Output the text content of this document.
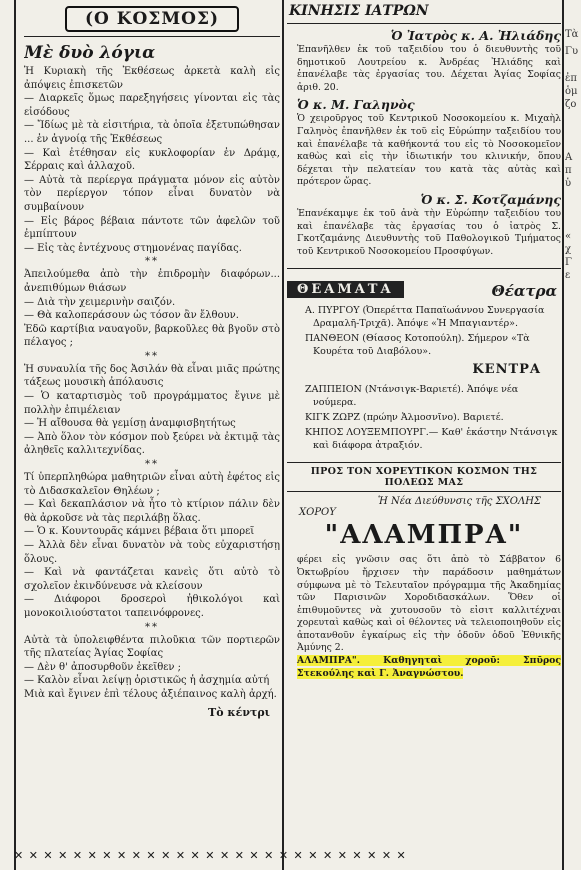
(Ο ΚΟΣΜΟΣ)
Μὲ δυὸ λόγια

Ἡ Κυριακὴ τῆς Ἐκθέσεως ἀρκετὰ καλὴ εἰς ἀπόψεις ἐπισκετῶν

— Διαρκεῖς ὅμως παρεξηγήσεις γίνονται εἰς τὰς εἰσόδους

— Ἴδίως μὲ τὰ εἰσιτήρια, τὰ ὁποῖα ἐξετυπώθησαν ... ἐν ἀγνοίᾳ τῆς Ἐκθέσεως

— Καὶ ἐτέθησαν εἰς κυκλοφορίαν ἐν Δράμᾳ, Σέρραις καὶ ἀλλαχοῦ.

— Αὐτὰ τὰ περίεργα πράγματα μόνον εἰς αὐτὸν τὸν περίεργον τόπον εἶναι δυνατὸν νὰ συμβαίνουν

— Εἰς βάρος βέβαια πάντοτε τῶν ἀφελῶν τοῦ ἐμπίπτουν

— Εἰς τὰς ἐντέχνους στημονένας παγίδας.

**

Ἀπειλούμεθα ἀπὸ τὴν ἐπιδρομὴν διαφόρων... ἀνεπιθύμων θιάσων

— Διὰ τὴν χειμερινὴν σαιζόν.

— Θὰ καλοπεράσουν ὡς τόσον ἂν ἔλθουν.

Ἐδῶ καρτίβια ναυαγοῦν, βαρκοῦλες θὰ βγοῦν στὸ πέλαγος ;

**

Ἡ συναυλία τῆς δος Ἀσιλάν θὰ εἶναι μιᾶς πρώτης τάξεως μουσικὴ ἀπόλαυσις

— Ὁ καταρτισμὸς τοῦ προγράμματος ἔγινε μὲ πολλὴν ἐπιμέλειαν

— Ἡ αἴθουσα θὰ γεμίσῃ ἀναμφισβητήτως

— Ἀπὸ ὅλον τὸν κόσμον ποὺ ξεύρει νὰ ἐκτιμᾷ τὰς ἀληθεῖς καλλιτεχνίδας.

**

Τί ὑπερπληθώρα μαθητριῶν εἶναι αὐτὴ ἐφέτος εἰς τὸ Διδασκαλεῖον Θηλέων ;

— Καὶ δεκαπλάσιον νὰ ἦτο τὸ κτίριον πάλιν δὲν θὰ ἀρκοῦσε νὰ τὰς περιλάβῃ ὅλας.

— Ὁ κ. Κουντουρᾶς κάμνει βέβαια ὅτι μπορεῖ

— Ἀλλὰ δὲν εἶναι δυνατὸν νὰ τοὺς εὐχαριστήσῃ ὅλους.

— Καὶ νὰ φαντάζεται κανεὶς ὅτι αὐτὸ τὸ σχολεῖον ἐκινδύνευσε νὰ κλείσουν

— Διάφοροι δροσεροὶ ἠθικολόγοι καὶ μονοκοιλιούστατοι ταπεινόφρονες.

**

Αὐτὰ τὰ ὑπολειφθέντα πιλοῦκια τῶν πορτιερῶν τῆς πλατείας Ἁγίας Σοφίας

— Δὲν θ' ἀποσυρθοῦν ἐκεῖθεν ;

— Καλὸν εἶναι λείψῃ ὁριστικῶς ἡ ἀσχημία αὐτή

Μιὰ καὶ ἔγινεν ἐπὶ τέλους ἀξιέπαινος καλὴ ἀρχή.

Τὸ κέντρι
ΚΙΝΗΣΙΣ ΙΑΤΡΩΝ
Ὁ Ἰατρὸς κ. Α. Ἠλιάδης

Ἐπανῆλθεν ἐκ τοῦ ταξειδίου του ὁ διευθυντὴς τοῦ δημοτικοῦ Λουτρείου κ. Ἀνδρέας Ἠλιάδης καὶ ἐπανέλαβε τὰς ἐργασίας του. Δέχεται Ἁγίας Σοφίας ἀριθ. 20.

Ὁ κ. Μ. Γαληνὸς

Ὁ χειροῦργος τοῦ Κεντρικοῦ Νοσοκομείου κ. Μιχαὴλ Γαληνὸς ἐπανῆλθεν ἐκ τοῦ εἰς Εὐρώπην ταξειδίου του καὶ ἐπανέλαβε τὰ καθήκοντά του εἰς τὸ Νοσοκομεῖον καθὼς καὶ εἰς τὴν ἰδιωτικήν του κλινικήν, ὅπου δέχεται τὴν πελατείαν του κατὰ τὰς αὐτὰς καὶ πρότερον ὥρας.

Ὁ κ. Σ. Κοτζαμάνης

Ἐπανέκαμψε ἐκ τοῦ ἀνὰ τὴν Εὐρώπην ταξειδίου του καὶ ἐπανέλαβε τὰς ἐργασίας του ὁ ἰατρὸς Σ. Γκοτζαμάνης Διευθυντὴς τοῦ Παθολογικοῦ Τμήματος τοῦ Κεντρικοῦ Νοσοκομείου Προσφύγων.

ΘΕΑΜΑΤΑ	Θέατρα

Α. ΠΥΡΓΟΥ (Ὀπερέττα Παπαϊωάννου Συνεργασία Δραμαλῆ-Τριχᾶ). Ἀπόψε «Ἡ Μπαγιαντέρ».

ΠΑΝΘΕΟΝ (Θίασος Κοτοπούλη). Σήμερον «Τὰ Κουρέτα τοῦ Διαβόλου».

ΚΕΝΤΡΑ

ΖΑΠΠΕΙΟΝ (Ντάνσιγκ-Βαριετέ). Ἀπόψε νέα νούμερα.

ΚΙΓΚ ΖΩΡΖ (πρώην Ἀλμοσνῖνο). Βαριετέ.

ΚΗΠΟΣ ΛΟΥΞΕΜΠΟΥΡΓ.— Καθ' ἑκάστην Ντάνσιγκ καὶ διάφορα ἀτραξιόν.

ΠΡΟΣ ΤΟΝ ΧΟΡΕΥΤΙΚΟΝ ΚΟΣΜΟΝ ΤΗΣ ΠΟΛΕΩΣ ΜΑΣ

Ἡ Νέα Διεύθυνσις τῆς ΣΧΟΛΗΣ

ΧΟΡΟΥ

"ΑΛΑΜΠΡΑ"

φέρει εἰς γνῶσιν σας ὅτι ἀπὸ τὸ Σάββατον 6 Ὀκτωβρίου ἤρχισεν τὴν παράδοσιν μαθημάτων σύμφωνα μὲ τὸ Τελευταῖον πρόγραμμα τῆς Ἀκαδημίας τῶν Παρισινῶν Χοροδιδασκάλων. Ὅθεν οἱ ἐπιθυμοῦντες νὰ χυτουσοῦν τὸ εἰσιτ καλλιτέχναι χορευταὶ καθὼς καὶ οἱ θέλοντες νὰ τελειοποιηθοῦν εἰς ἀποτανθοῦν ἐγκαίρως εἰς τὴν ὁδοῦν ὁδοῦ Ἐθνικῆς Ἀμύνης 2.

ΑΛΑΜΠΡΑ". Καθηγηταὶ χοροῦ: Σπῦρος Στεκούλης καὶ Γ. Ἀναγνώστου.

Τὰ
Γυ
ἐπ
ὁμ
ζο
Α
π
ὑ
«
χ
Γ
ε
✕ ✕ ✕ ✕ ✕ ✕ ✕ ✕ ✕ ✕ ✕ ✕ ✕ ✕ ✕ ✕ ✕ ✕ ✕ ✕ ✕ ✕ ✕ ✕ ✕ ✕ ✕
